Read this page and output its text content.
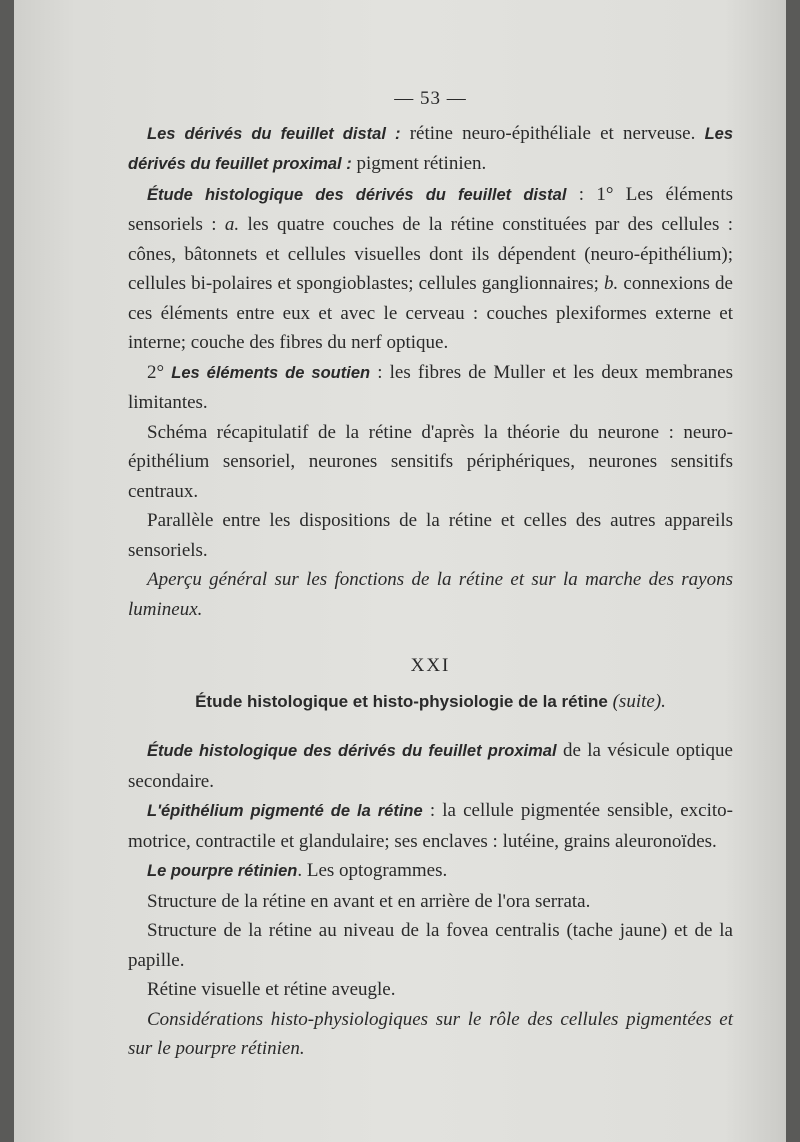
— 53 —

Les dérivés du feuillet distal : rétine neuro-épithéliale et nerveuse. Les dérivés du feuillet proximal : pigment rétinien.

Étude histologique des dérivés du feuillet distal : 1° Les éléments sensoriels : a. les quatre couches de la rétine constituées par des cellules : cônes, bâtonnets et cellules visuelles dont ils dépendent (neuro-épithélium); cellules bi-polaires et spongioblastes; cellules ganglionnaires; b. connexions de ces éléments entre eux et avec le cerveau : couches plexiformes externe et interne; couche des fibres du nerf optique.

2° Les éléments de soutien : les fibres de Muller et les deux membranes limitantes.

Schéma récapitulatif de la rétine d'après la théorie du neurone : neuro-épithélium sensoriel, neurones sensitifs périphériques, neurones sensitifs centraux.

Parallèle entre les dispositions de la rétine et celles des autres appareils sensoriels.

Aperçu général sur les fonctions de la rétine et sur la marche des rayons lumineux.

XXI
Étude histologique et histo-physiologie de la rétine (suite).

Étude histologique des dérivés du feuillet proximal de la vésicule optique secondaire.

L'épithélium pigmenté de la rétine : la cellule pigmentée sensible, excito-motrice, contractile et glandulaire; ses enclaves : lutéine, grains aleuronoïdes.

Le pourpre rétinien. Les optogrammes.

Structure de la rétine en avant et en arrière de l'ora serrata.

Structure de la rétine au niveau de la fovea centralis (tache jaune) et de la papille.

Rétine visuelle et rétine aveugle.

Considérations histo-physiologiques sur le rôle des cellules pigmentées et sur le pourpre rétinien.
